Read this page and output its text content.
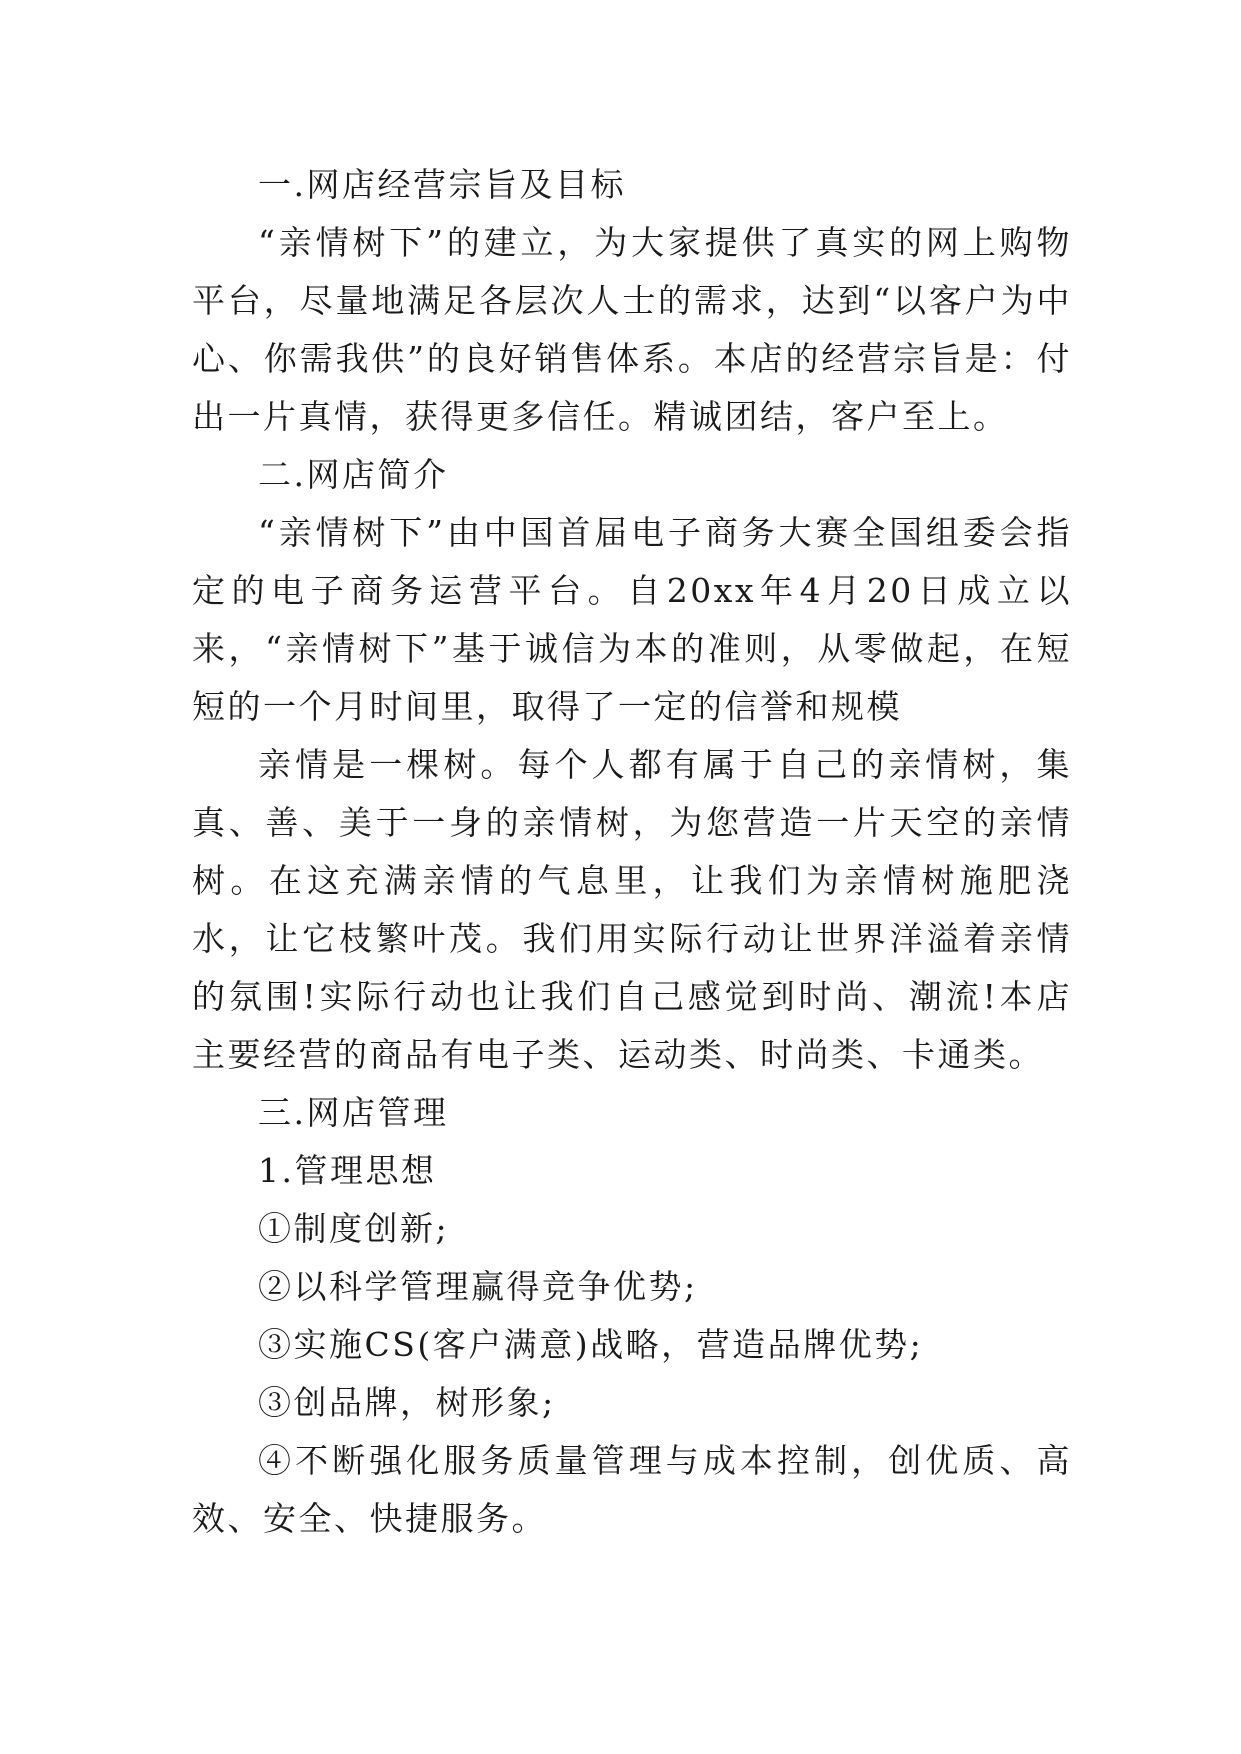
一.网店经营宗旨及目标

“亲情树下”的建立，为大家提供了真实的网上购物平台，尽量地满足各层次人士的需求，达到“以客户为中心、你需我供”的良好销售体系。本店的经营宗旨是：付出一片真情，获得更多信任。精诚团结，客户至上。

二.网店简介

“亲情树下”由中国首届电子商务大赛全国组委会指定的电子商务运营平台。自20xx年4月20日成立以来，“亲情树下”基于诚信为本的准则，从零做起，在短短的一个月时间里，取得了一定的信誉和规模

亲情是一棵树。每个人都有属于自己的亲情树，集真、善、美于一身的亲情树，为您营造一片天空的亲情树。在这充满亲情的气息里，让我们为亲情树施肥浇水，让它枝繁叶茂。我们用实际行动让世界洋溢着亲情的氛围!实际行动也让我们自己感觉到时尚、潮流!本店主要经营的商品有电子类、运动类、时尚类、卡通类。

三.网店管理

1.管理思想

①制度创新;

②以科学管理赢得竞争优势;

③实施CS(客户满意)战略，营造品牌优势;

③创品牌，树形象;

④不断强化服务质量管理与成本控制，创优质、高效、安全、快捷服务。
